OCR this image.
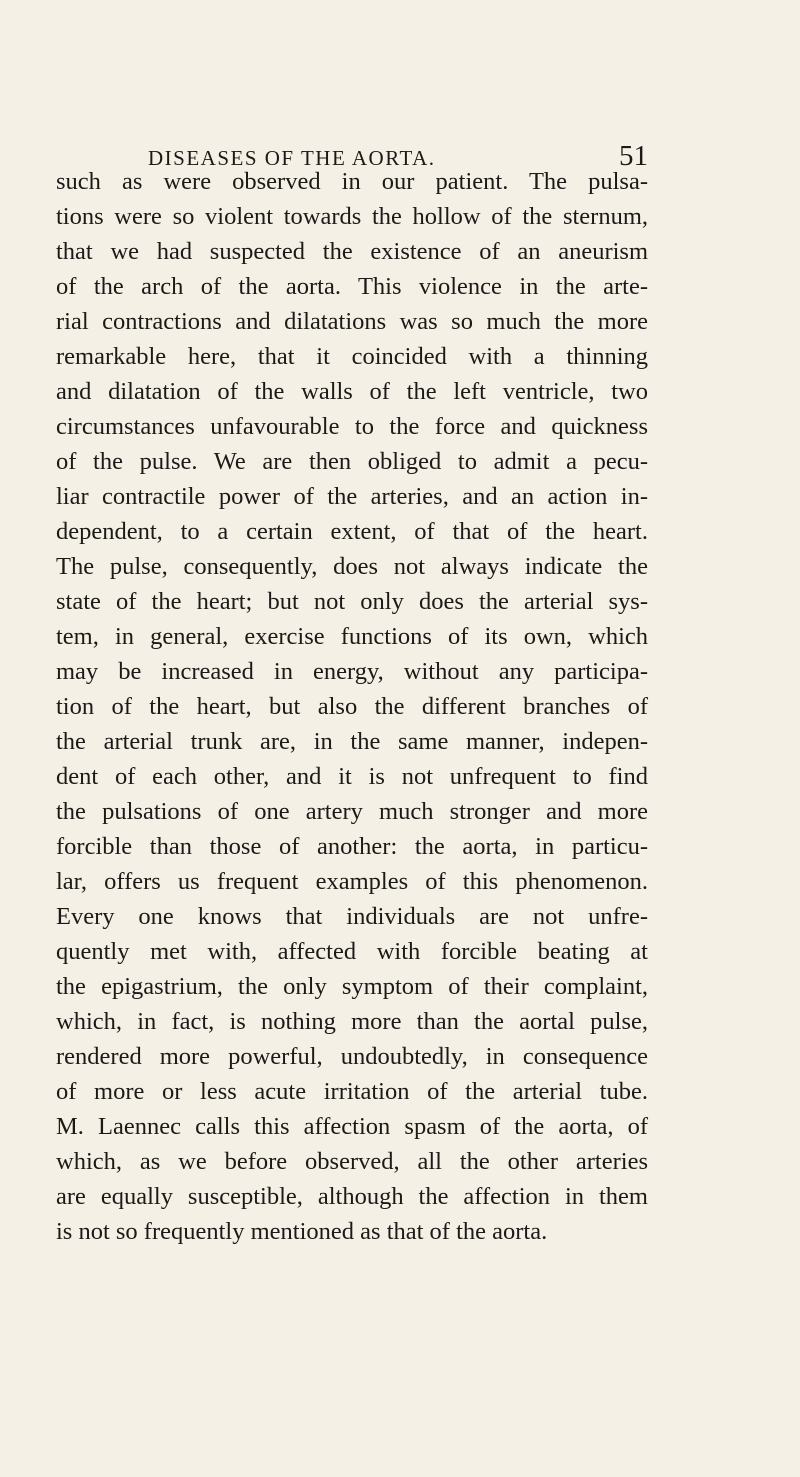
DISEASES OF THE AORTA.	51
such as were observed in our patient. The pulsa-
tions were so violent towards the hollow of the sternum,
that we had suspected the existence of an aneurism
of the arch of the aorta. This violence in the arte-
rial contractions and dilatations was so much the more
remarkable here, that it coincided with a thinning
and dilatation of the walls of the left ventricle, two
circumstances unfavourable to the force and quickness
of the pulse. We are then obliged to admit a pecu-
liar contractile power of the arteries, and an action in-
dependent, to a certain extent, of that of the heart.
The pulse, consequently, does not always indicate the
state of the heart; but not only does the arterial sys-
tem, in general, exercise functions of its own, which
may be increased in energy, without any participa-
tion of the heart, but also the different branches of
the arterial trunk are, in the same manner, indepen-
dent of each other, and it is not unfrequent to find
the pulsations of one artery much stronger and more
forcible than those of another: the aorta, in particu-
lar, offers us frequent examples of this phenomenon.
Every one knows that individuals are not unfre-
quently met with, affected with forcible beating at
the epigastrium, the only symptom of their complaint,
which, in fact, is nothing more than the aortal pulse,
rendered more powerful, undoubtedly, in consequence
of more or less acute irritation of the arterial tube.
M. Laennec calls this affection spasm of the aorta, of
which, as we before observed, all the other arteries
are equally susceptible, although the affection in them
is not so frequently mentioned as that of the aorta.
